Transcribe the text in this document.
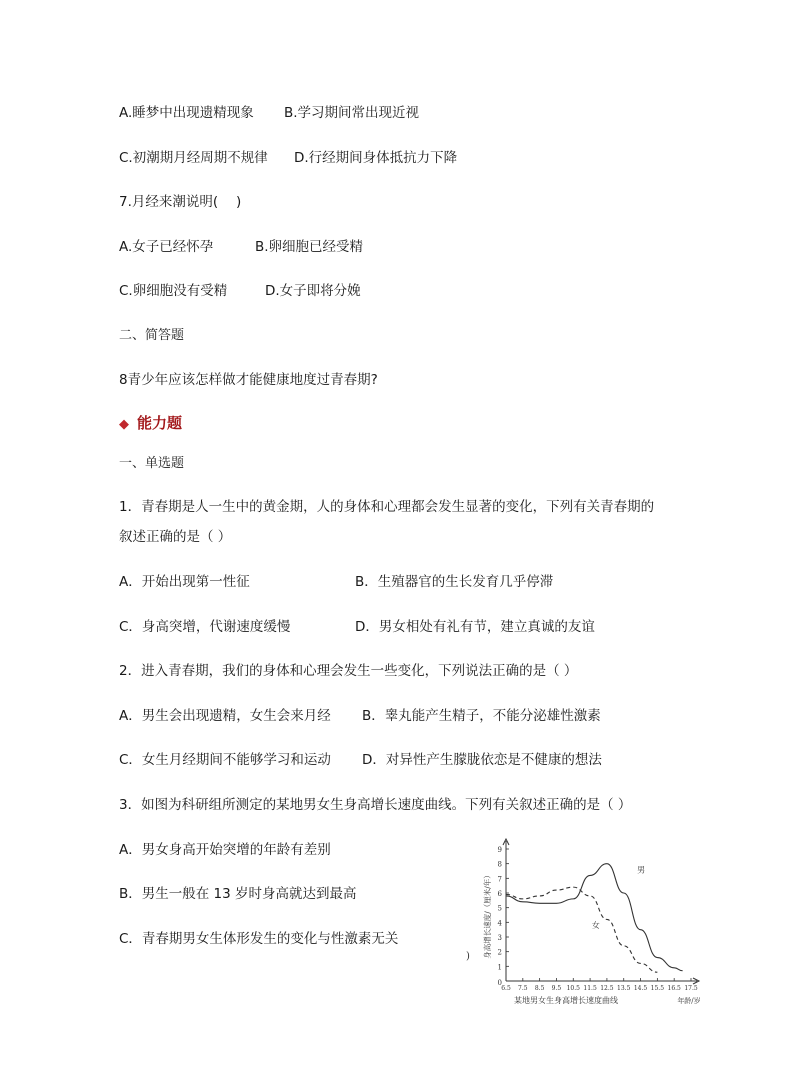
A.睡梦中出现遗精现象 B.学习期间常出现近视
C.初潮期月经周期不规律 D.行经期间身体抵抗力下降
7.月经来潮说明(　 )
A.女子已经怀孕	B.卵细胞已经受精
C.卵细胞没有受精	D.女子即将分娩
二、简答题
8青少年应该怎样做才能健康地度过青春期?
◆ 能力题
一、单选题
1．青春期是人一生中的黄金期，人的身体和心理都会发生显著的变化，下列有关青春期的
叙述正确的是（ ）
A．开始出现第一性征	B．生殖器官的生长发育几乎停滞
C．身高突增，代谢速度缓慢	D．男女相处有礼有节，建立真诚的友谊
2．进入青春期，我们的身体和心理会发生一些变化，下列说法正确的是（ ）
A．男生会出现遗精，女生会来月经 B．睾丸能产生精子，不能分泌雄性激素
C．女生月经期间不能够学习和运动 D．对异性产生朦胧依恋是不健康的想法
3．如图为科研组所测定的某地男女生身高增长速度曲线。下列有关叙述正确的是（ ）
A．男女身高开始突增的年龄有差别
B．男生一般在 13 岁时身高就达到最高
C．青春期男女生体形发生的变化与性激素无关
1
2
3
4
5
6
7
8
9
0
6.5 7.5 8.5 9.5 10.5 11.5 12.5 13.5 14.5 15.5 16.5 17.5
身高增长速度/（厘米/年）
)
某地男女生身高增长速度曲线	年龄/岁
男
女
